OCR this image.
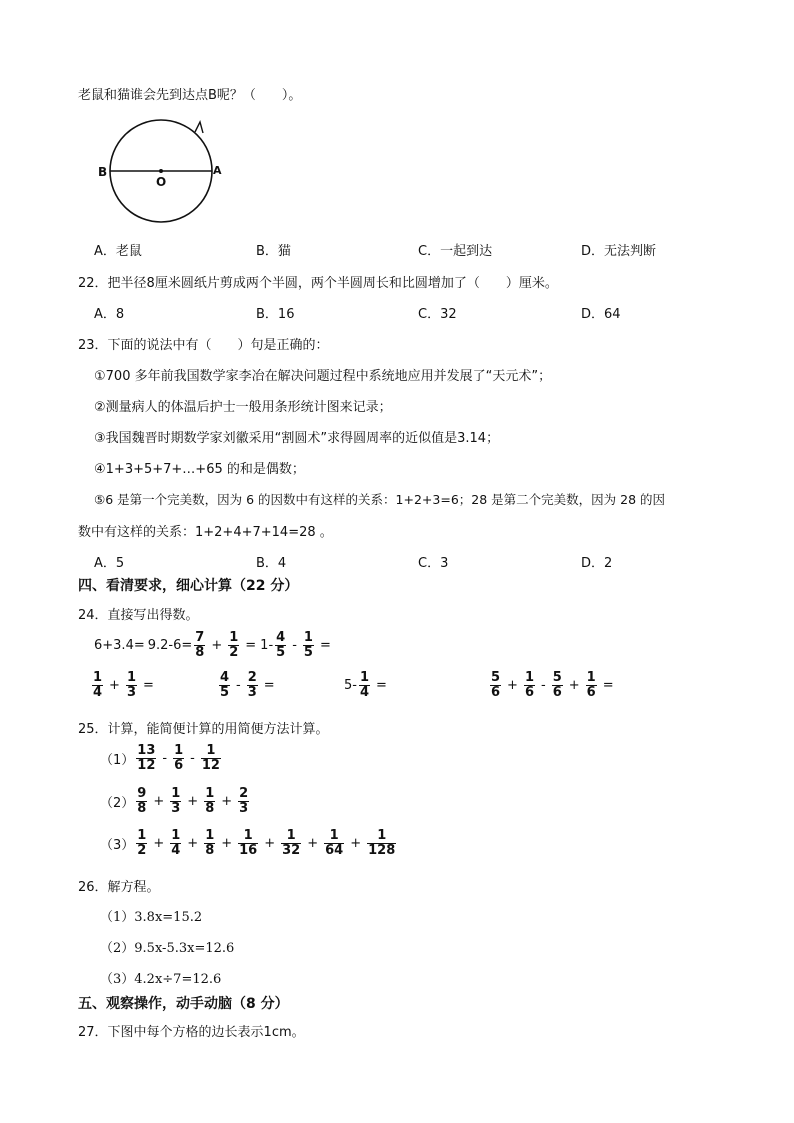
老鼠和猫谁会先到达点B呢？（　　）。
B
O
A
A．老鼠	B．猫	C．一起到达	D．无法判断
22．把半径8厘米圆纸片剪成两个半圆，两个半圆周长和比圆增加了（　　）厘米。
A．8	B．16	C．32	D．64
23．下面的说法中有（　　）句是正确的：
①700 多年前我国数学家李冶在解决问题过程中系统地应用并发展了“天元术”；
②测量病人的体温后护士一般用条形统计图来记录；
③我国魏晋时期数学家刘徽采用“割圆术”求得圆周率的近似值是3.14；
④1+3+5+7+…+65 的和是偶数；
⑤6 是第一个完美数，因为 6 的因数中有这样的关系：1+2+3=6；28 是第二个完美数，因为 28 的因
数中有这样的关系：1+2+4+7+14=28 。
A．5	B．4	C．3	D．2
四、看清要求，细心计算（22 分）
24．直接写出得数。
$6+3.4= 9.2-6= \frac{7}{8} + \frac{1}{2} = 1- \frac{4}{5} - \frac{1}{5}$ =
$\frac{1}{4} + \frac{1}{3}$ =	$\frac{4}{5} - \frac{2}{3}$ =	$5- \frac{1}{4}$ =	$\frac{5}{6} + \frac{1}{6} - \frac{5}{6} + \frac{1}{6}$ =
25．计算，能简便计算的用简便方法计算。
$(1) \frac{13}{12} - \frac{1}{6} - \frac{1}{12}$
$(2) \frac{9}{8} + \frac{1}{3} + \frac{1}{8} + \frac{2}{3}$
$(3) \frac{1}{2} + \frac{1}{4} + \frac{1}{8} + \frac{1}{16} + \frac{1}{32} + \frac{1}{64} + \frac{1}{128}$
26．解方程。
（1）3.8x=15.2
（2）9.5x-5.3x=12.6
（3）4.2x÷7=12.6
五、观察操作，动手动脑（8 分）
27．下图中每个方格的边长表示1cm。
